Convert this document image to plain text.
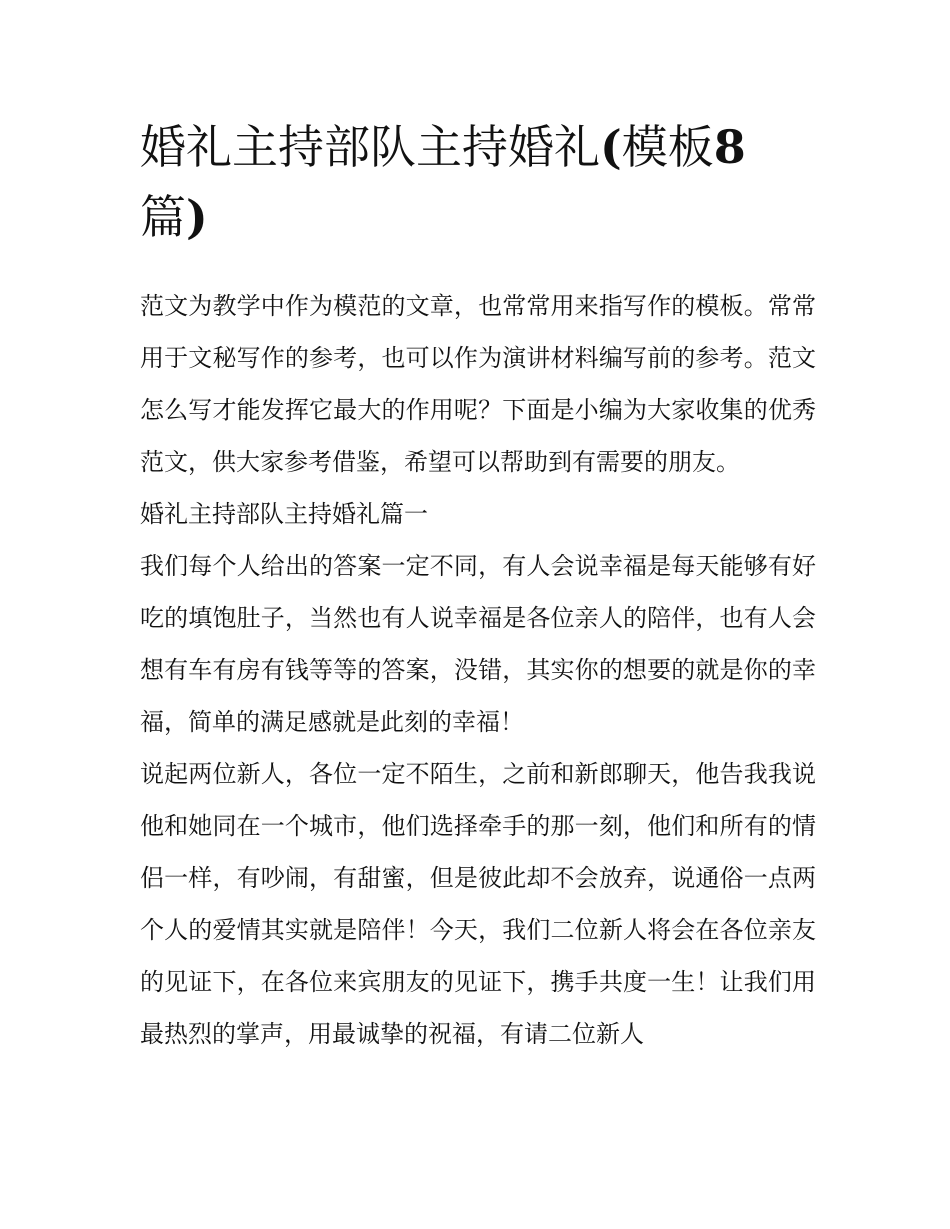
婚礼主持部队主持婚礼(模板8
篇)

范文为教学中作为模范的文章，也常常用来指写作的模板。常常用于文秘写作的参考，也可以作为演讲材料编写前的参考。范文怎么写才能发挥它最大的作用呢？下面是小编为大家收集的优秀范文，供大家参考借鉴，希望可以帮助到有需要的朋友。

婚礼主持部队主持婚礼篇一

我们每个人给出的答案一定不同，有人会说幸福是每天能够有好吃的填饱肚子，当然也有人说幸福是各位亲人的陪伴，也有人会想有车有房有钱等等的答案，没错，其实你的想要的就是你的幸福，简单的满足感就是此刻的幸福！

说起两位新人，各位一定不陌生，之前和新郎聊天，他告我我说他和她同在一个城市，他们选择牵手的那一刻，他们和所有的情侣一样，有吵闹，有甜蜜，但是彼此却不会放弃，说通俗一点两个人的爱情其实就是陪伴！今天，我们二位新人将会在各位亲友的见证下，在各位来宾朋友的见证下，携手共度一生！让我们用最热烈的掌声，用最诚挚的祝福，有请二位新人
